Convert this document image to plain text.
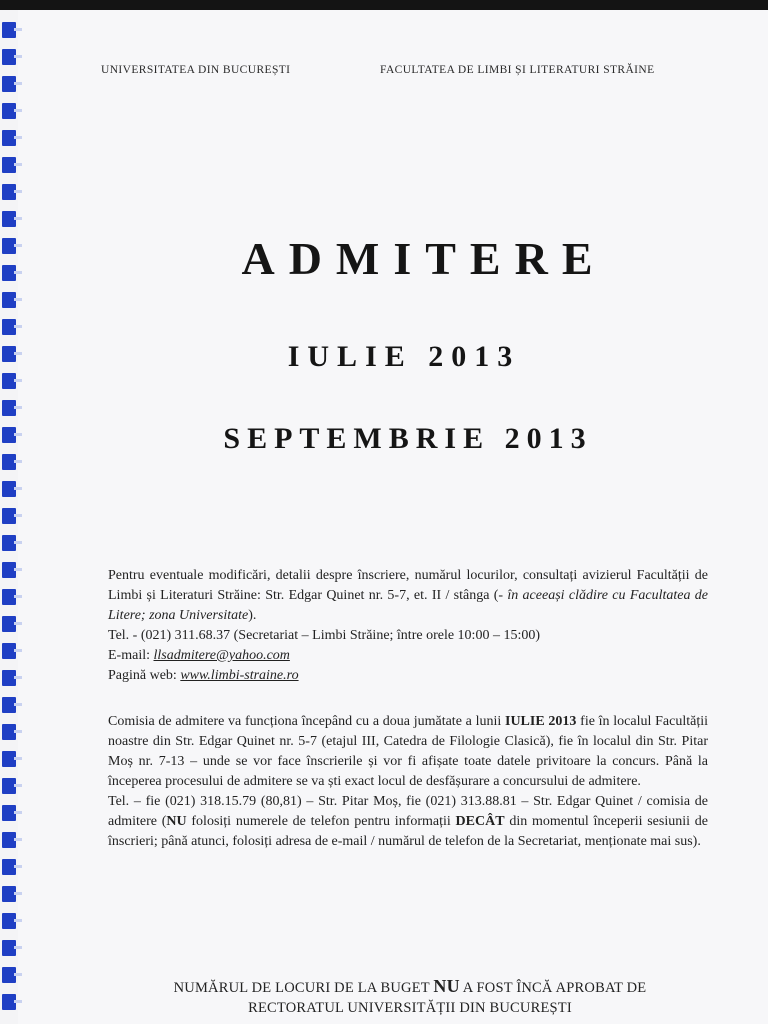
UNIVERSITATEA DIN BUCUREȘTI	FACULTATEA DE LIMBI ȘI LITERATURI STRĂINE
ADMITERE
IULIE 2013
SEPTEMBRIE 2013

Pentru eventuale modificări, detalii despre înscriere, numărul locurilor, consultați avizierul Facultății de Limbi și Literaturi Străine: Str. Edgar Quinet nr. 5-7, et. II / stânga (- în aceeași clădire cu Facultatea de Litere; zona Universitate).

Tel. - (021) 311.68.37 (Secretariat – Limbi Străine; între orele 10:00 – 15:00)

E-mail: llsadmitere@yahoo.com

Pagină web: www.limbi-straine.ro

Comisia de admitere va funcționa începând cu a doua jumătate a lunii IULIE 2013 fie în localul Facultății noastre din Str. Edgar Quinet nr. 5-7 (etajul III, Catedra de Filologie Clasică), fie în localul din Str. Pitar Moș nr. 7-13 – unde se vor face înscrierile și vor fi afișate toate datele privitoare la concurs. Până la începerea procesului de admitere se va ști exact locul de desfășurare a concursului de admitere.

Tel. – fie (021) 318.15.79 (80,81) – Str. Pitar Moș, fie (021) 313.88.81 – Str. Edgar Quinet / comisia de admitere (NU folosiți numerele de telefon pentru informații DECÂT din momentul începerii sesiunii de înscrieri; până atunci, folosiți adresa de e-mail / numărul de telefon de la Secretariat, menționate mai sus).

NUMĂRUL DE LOCURI DE LA BUGET NU A FOST ÎNCĂ APROBAT DE
RECTORATUL UNIVERSITĂȚII DIN BUCUREȘTI
